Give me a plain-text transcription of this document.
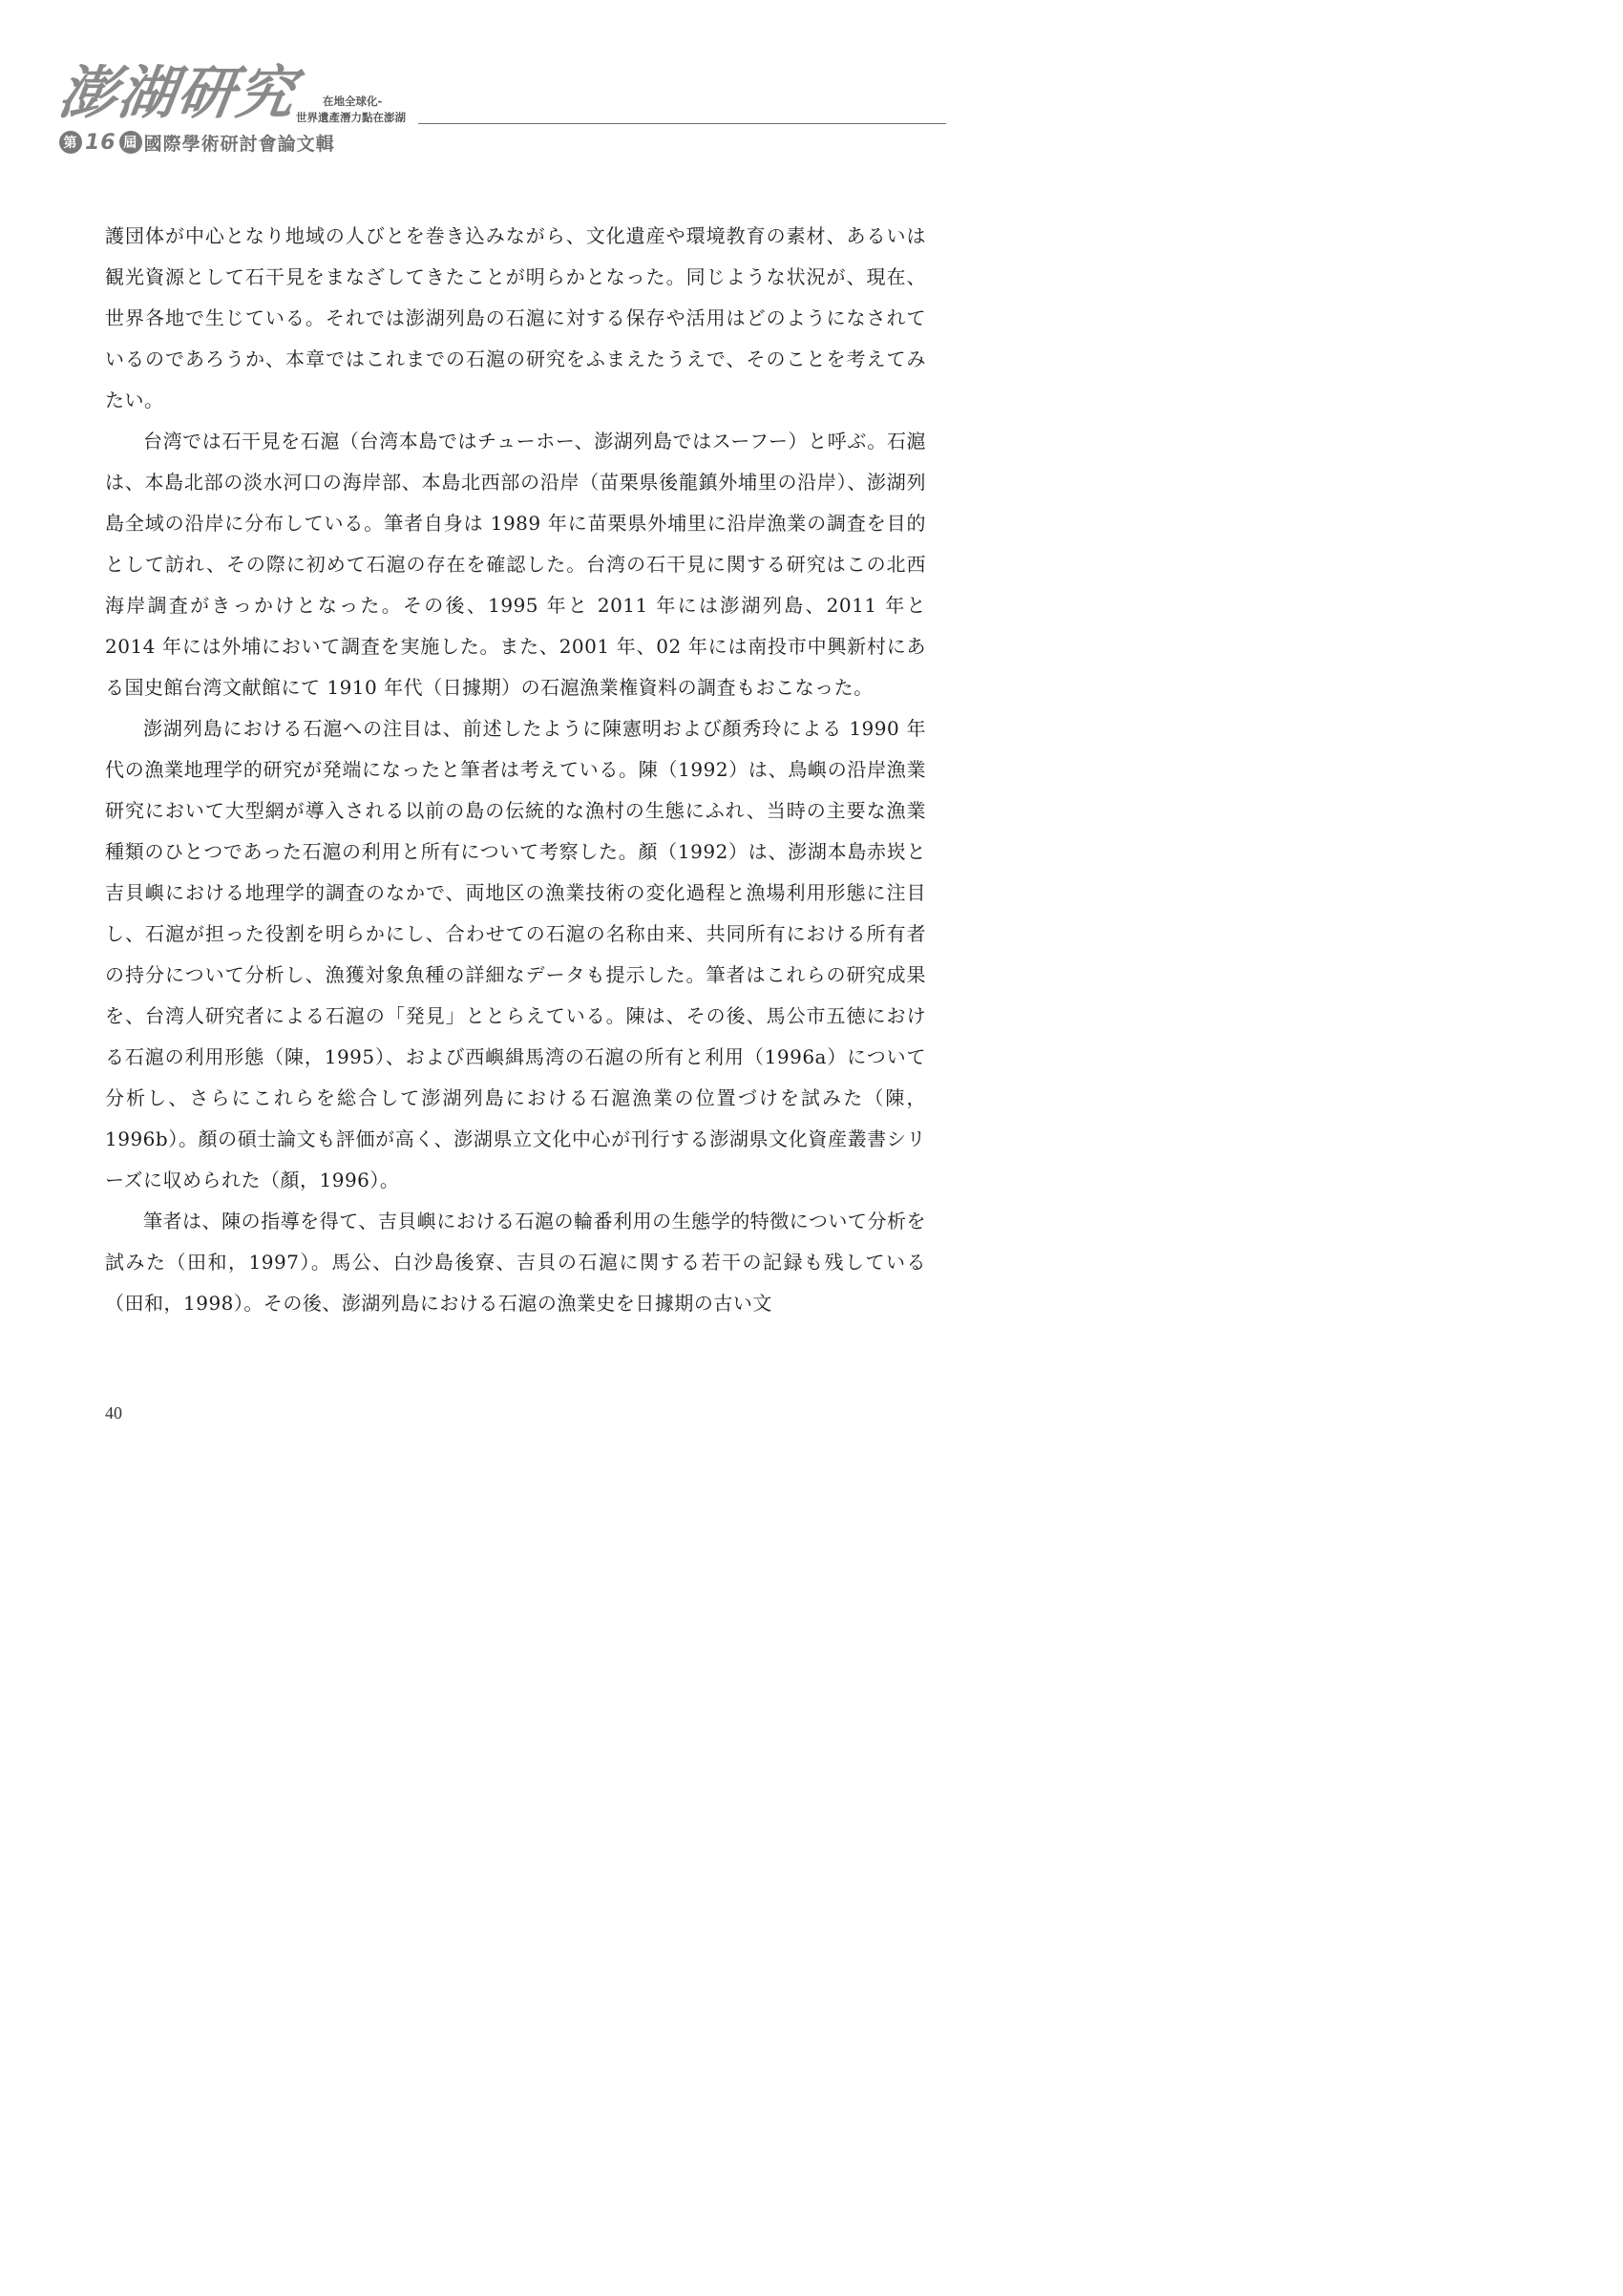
澎湖研究
第 16 屆 國際學術研討會論文輯
在地全球化-
世界遺產潛力點在澎湖

護団体が中心となり地域の人びとを巻き込みながら、文化遺産や環境教育の素材、あるいは観光資源として石干見をまなざしてきたことが明らかとなった。同じような状況が、現在、世界各地で生じている。それでは澎湖列島の石滬に対する保存や活用はどのようになされているのであろうか、本章ではこれまでの石滬の研究をふまえたうえで、そのことを考えてみたい。

台湾では石干見を石滬（台湾本島ではチューホー、澎湖列島ではスーフー）と呼ぶ。石滬は、本島北部の淡水河口の海岸部、本島北西部の沿岸（苗栗県後龍鎮外埔里の沿岸）、澎湖列島全域の沿岸に分布している。筆者自身は 1989 年に苗栗県外埔里に沿岸漁業の調査を目的として訪れ、その際に初めて石滬の存在を確認した。台湾の石干見に関する研究はこの北西海岸調査がきっかけとなった。その後、1995 年と 2011 年には澎湖列島、2011 年と 2014 年には外埔において調査を実施した。また、2001 年、02 年には南投市中興新村にある国史館台湾文献館にて 1910 年代（日據期）の石滬漁業権資料の調査もおこなった。

澎湖列島における石滬への注目は、前述したように陳憲明および顏秀玲による 1990 年代の漁業地理学的研究が発端になったと筆者は考えている。陳（1992）は、鳥嶼の沿岸漁業研究において大型網が導入される以前の島の伝統的な漁村の生態にふれ、当時の主要な漁業種類のひとつであった石滬の利用と所有について考察した。顏（1992）は、澎湖本島赤崁と吉貝嶼における地理学的調査のなかで、両地区の漁業技術の変化過程と漁場利用形態に注目し、石滬が担った役割を明らかにし、合わせての石滬の名称由来、共同所有における所有者の持分について分析し、漁獲対象魚種の詳細なデータも提示した。筆者はこれらの研究成果を、台湾人研究者による石滬の「発見」ととらえている。陳は、その後、馬公市五徳における石滬の利用形態（陳，1995）、および西嶼緝馬湾の石滬の所有と利用（1996a）について分析し、さらにこれらを総合して澎湖列島における石滬漁業の位置づけを試みた（陳，1996b）。顏の碩士論文も評価が高く、澎湖県立文化中心が刊行する澎湖県文化資産叢書シリーズに収められた（顏，1996）。

筆者は、陳の指導を得て、吉貝嶼における石滬の輪番利用の生態学的特徴について分析を試みた（田和，1997）。馬公、白沙島後寮、吉貝の石滬に関する若干の記録も残している（田和，1998）。その後、澎湖列島における石滬の漁業史を日據期の古い文

40
